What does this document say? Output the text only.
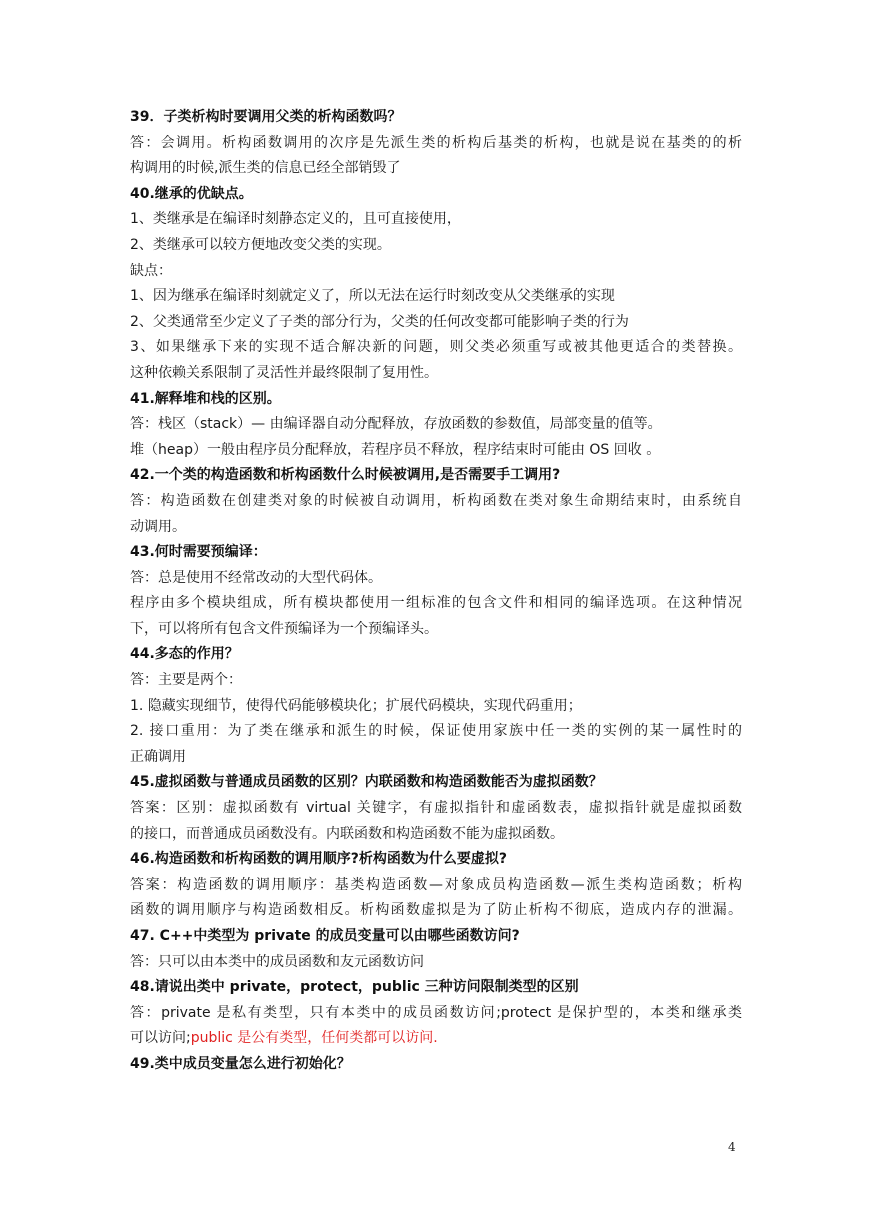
39．子类析构时要调用父类的析构函数吗？
答：会调用。析构函数调用的次序是先派生类的析构后基类的析构，也就是说在基类的的析
构调用的时候,派生类的信息已经全部销毁了
40.继承的优缺点。
1、类继承是在编译时刻静态定义的，且可直接使用，
2、类继承可以较方便地改变父类的实现。
缺点：
1、因为继承在编译时刻就定义了，所以无法在运行时刻改变从父类继承的实现
2、父类通常至少定义了子类的部分行为，父类的任何改变都可能影响子类的行为
3、如果继承下来的实现不适合解决新的问题，则父类必须重写或被其他更适合的类替换。
这种依赖关系限制了灵活性并最终限制了复用性。
41.解释堆和栈的区别。
答：栈区（stack）— 由编译器自动分配释放，存放函数的参数值，局部变量的值等。
堆（heap）一般由程序员分配释放，若程序员不释放，程序结束时可能由 OS 回收 。
42.一个类的构造函数和析构函数什么时候被调用,是否需要手工调用?
答：构造函数在创建类对象的时候被自动调用，析构函数在类对象生命期结束时，由系统自
动调用。
43.何时需要预编译：
答：总是使用不经常改动的大型代码体。
程序由多个模块组成，所有模块都使用一组标准的包含文件和相同的编译选项。在这种情况
下，可以将所有包含文件预编译为一个预编译头。
44.多态的作用？
答：主要是两个：
1. 隐藏实现细节，使得代码能够模块化；扩展代码模块，实现代码重用；
2. 接口重用：为了类在继承和派生的时候，保证使用家族中任一类的实例的某一属性时的
正确调用
45.虚拟函数与普通成员函数的区别？内联函数和构造函数能否为虚拟函数？
答案：区别：虚拟函数有 virtual 关键字，有虚拟指针和虚函数表，虚拟指针就是虚拟函数
的接口，而普通成员函数没有。内联函数和构造函数不能为虚拟函数。
46.构造函数和析构函数的调用顺序?析构函数为什么要虚拟?
答案：构造函数的调用顺序：基类构造函数—对象成员构造函数—派生类构造函数；析构
函数的调用顺序与构造函数相反。析构函数虚拟是为了防止析构不彻底，造成内存的泄漏。
47. C++中类型为 private 的成员变量可以由哪些函数访问?
答：只可以由本类中的成员函数和友元函数访问
48.请说出类中 private，protect，public 三种访问限制类型的区别
答：private 是私有类型，只有本类中的成员函数访问;protect 是保护型的，本类和继承类
可以访问;public 是公有类型，任何类都可以访问.
49.类中成员变量怎么进行初始化？
4
